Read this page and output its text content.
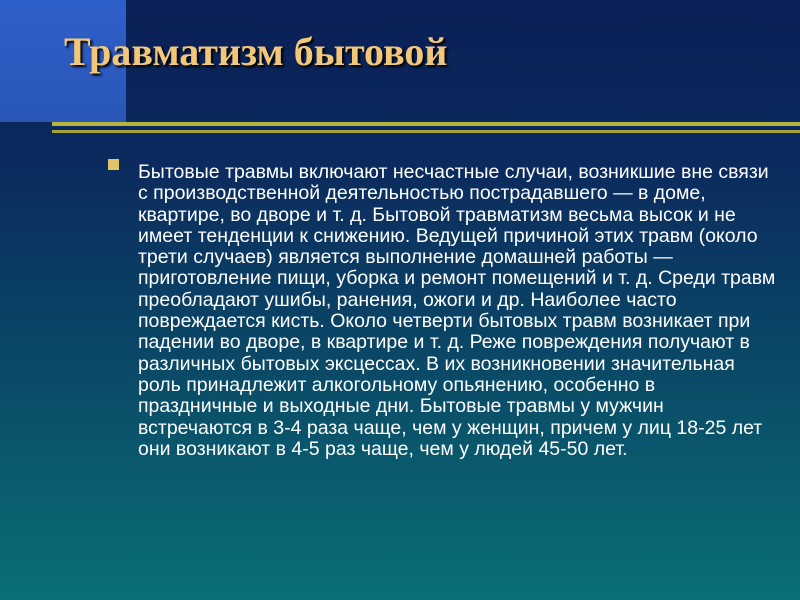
Травматизм бытовой

Бытовые травмы включают несчастные случаи, возникшие вне связи с производственной деятельностью пострадавшего — в доме, квартире, во дворе и т. д. Бытовой травматизм весьма высок и не имеет тенденции к снижению. Ведущей причиной этих травм (около трети случаев) является выполнение домашней работы — приготовление пищи, уборка и ремонт помещений и т. д. Среди травм преобладают ушибы, ранения, ожоги и др. Наиболее часто повреждается кисть. Около четверти бытовых травм возникает при падении во дворе, в квартире и т. д. Реже повреждения получают в различных бытовых эксцессах. В их возникновении значительная роль принадлежит алкогольному опьянению, особенно в праздничные и выходные дни. Бытовые травмы у мужчин встречаются в 3-4 раза чаще, чем у женщин, причем у лиц 18-25 лет они возникают в 4-5 раз чаще, чем у людей 45-50 лет.
